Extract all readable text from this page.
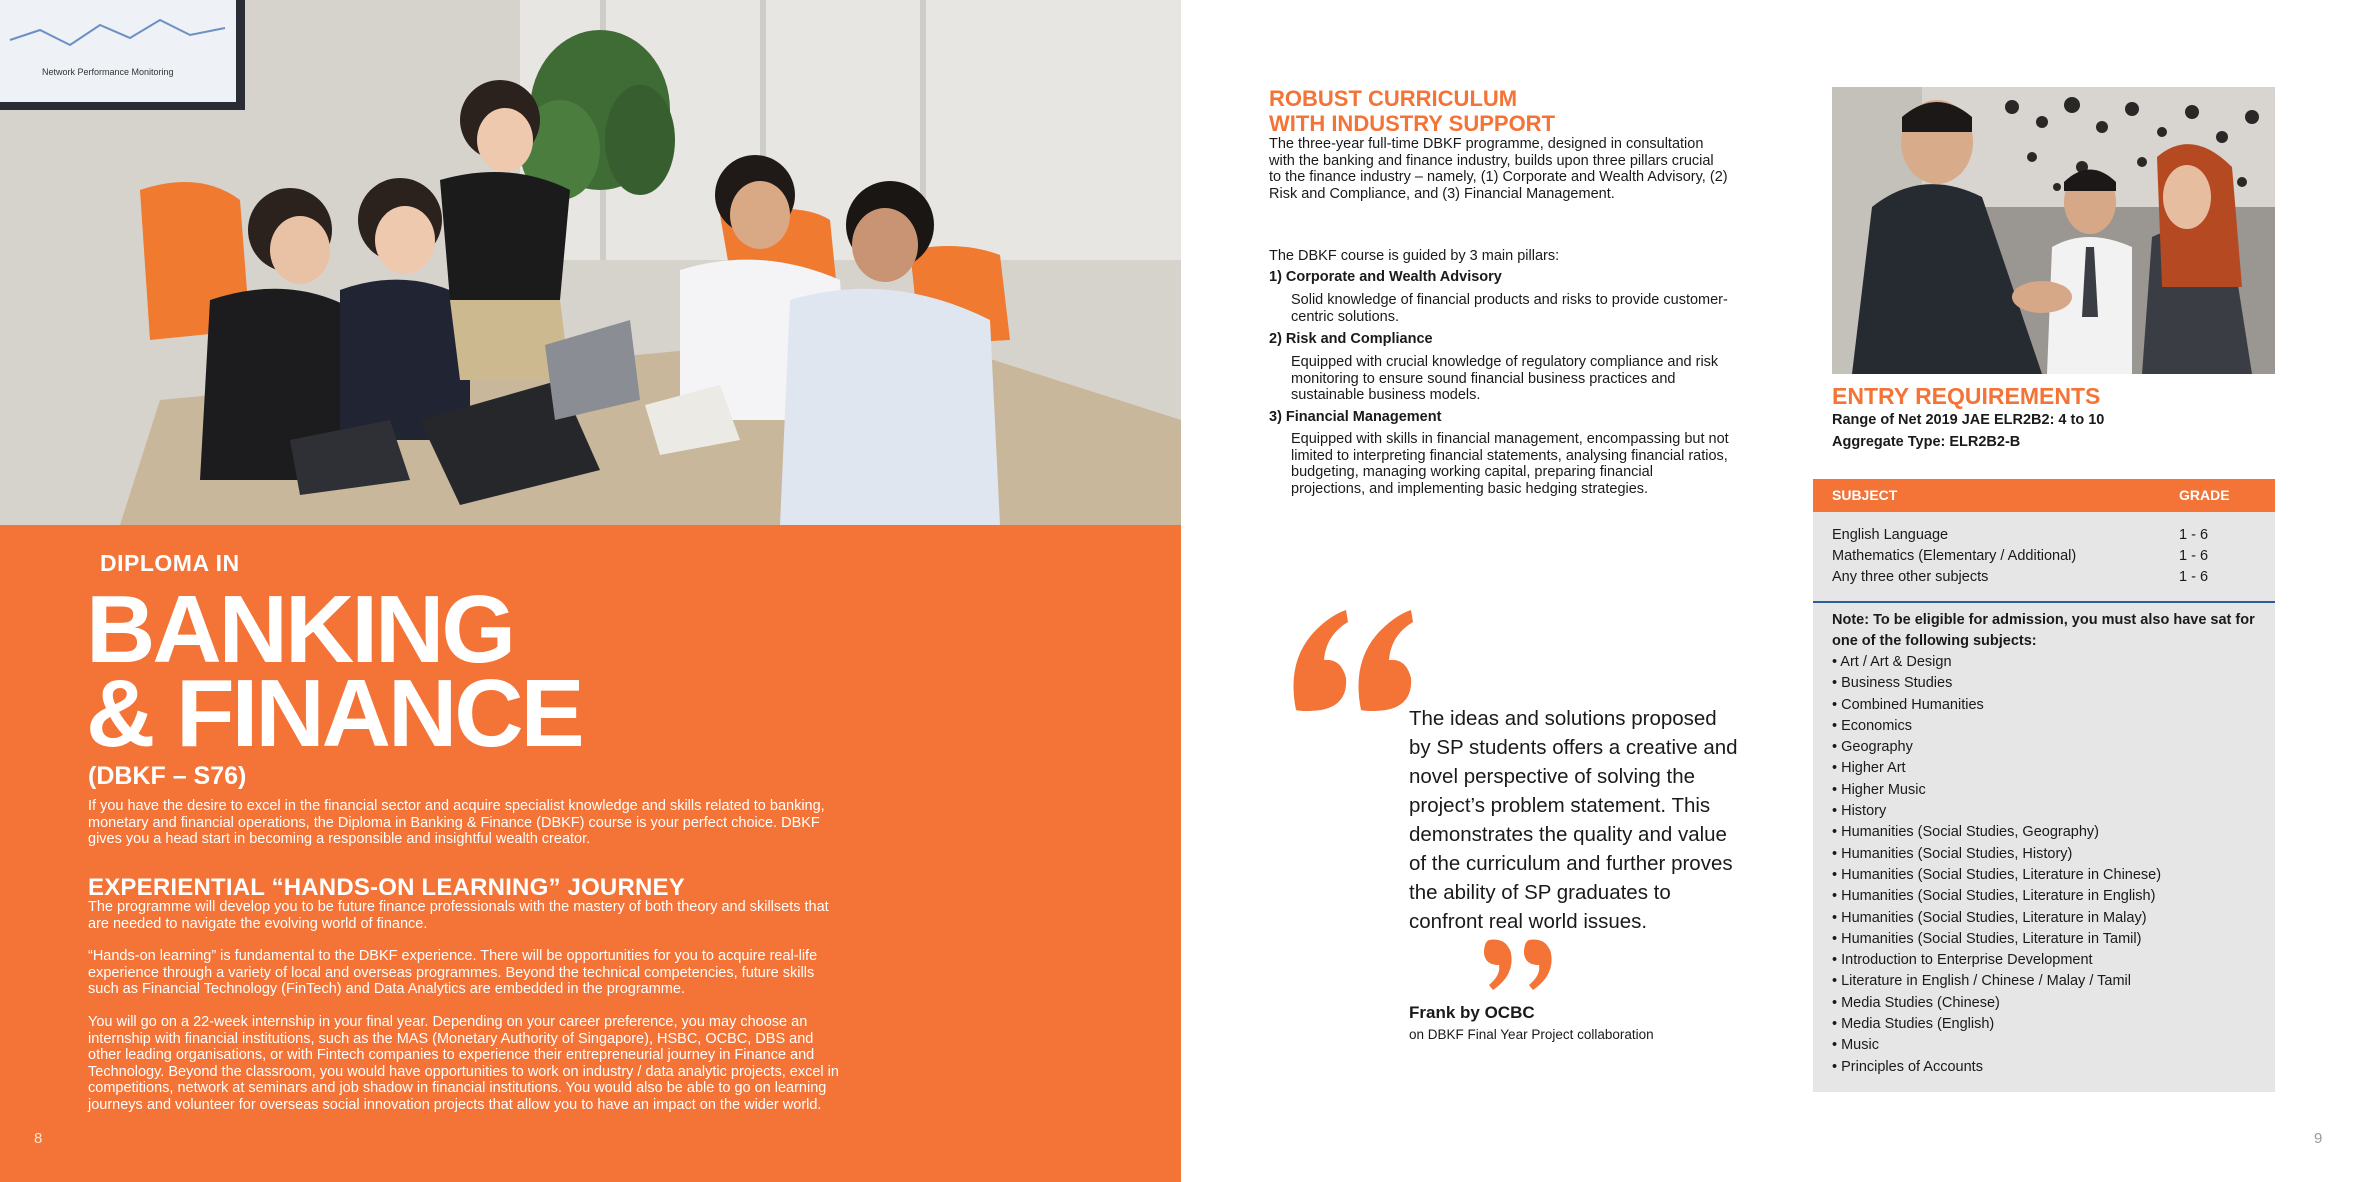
Network Performance Monitoring
DIPLOMA IN
BANKING
& FINANCE
(DBKF – S76)

If you have the desire to excel in the financial sector and acquire specialist knowledge and skills related to banking, monetary and financial operations, the Diploma in Banking & Finance (DBKF) course is your perfect choice. DBKF gives you a head start in becoming a responsible and insightful wealth creator.

EXPERIENTIAL “HANDS-ON LEARNING” JOURNEY

The programme will develop you to be future finance professionals with the mastery of both theory and skillsets that are needed to navigate the evolving world of finance.

“Hands-on learning” is fundamental to the DBKF experience. There will be opportunities for you to acquire real-life experience through a variety of local and overseas programmes. Beyond the technical competencies, future skills such as Financial Technology (FinTech) and Data Analytics are embedded in the programme.

You will go on a 22-week internship in your final year. Depending on your career preference, you may choose an internship with financial institutions, such as the MAS (Monetary Authority of Singapore), HSBC, OCBC, DBS and other leading organisations, or with Fintech companies to experience their entrepreneurial journey in Finance and Technology. Beyond the classroom, you would have opportunities to work on industry / data analytic projects, excel in competitions, network at seminars and job shadow in financial institutions. You would also be able to go on learning journeys and volunteer for overseas social innovation projects that allow you to have an impact on the wider world.

8
ROBUST CURRICULUM
WITH INDUSTRY SUPPORT

The three-year full-time DBKF programme, designed in consultation with the banking and finance industry, builds upon three pillars crucial to the finance industry – namely, (1) Corporate and Wealth Advisory, (2) Risk and Compliance, and (3) Financial Management.

The DBKF course is guided by 3 main pillars:

1) Corporate and Wealth Advisory
Solid knowledge of financial products and risks to provide customer-centric solutions.
2) Risk and Compliance
Equipped with crucial knowledge of regulatory compliance and risk monitoring to ensure sound financial business practices and sustainable business models.
3) Financial Management
Equipped with skills in financial management, encompassing but not limited to interpreting financial statements, analysing financial ratios, budgeting, managing working capital, preparing financial projections, and implementing basic hedging strategies.
The ideas and solutions proposed by SP students offers a creative and novel perspective of solving the project’s problem statement. This demonstrates the quality and value of the curriculum and further proves the ability of SP graduates to confront real world issues.
Frank by OCBC
on DBKF Final Year Project collaboration
ENTRY REQUIREMENTS
Range of Net 2019 JAE ELR2B2: 4 to 10
Aggregate Type: ELR2B2-B
SUBJECT	GRADE
English Language	1 - 6
Mathematics (Elementary / Additional)	1 - 6
Any three other subjects	1 - 6
Note: To be eligible for admission, you must also have sat for one of the following subjects:
• Art / Art & Design
• Business Studies
• Combined Humanities
• Economics
• Geography
• Higher Art
• Higher Music
• History
• Humanities (Social Studies, Geography)
• Humanities (Social Studies, History)
• Humanities (Social Studies, Literature in Chinese)
• Humanities (Social Studies, Literature in English)
• Humanities (Social Studies, Literature in Malay)
• Humanities (Social Studies, Literature in Tamil)
• Introduction to Enterprise Development
• Literature in English / Chinese / Malay / Tamil
• Media Studies (Chinese)
• Media Studies (English)
• Music
• Principles of Accounts
9
